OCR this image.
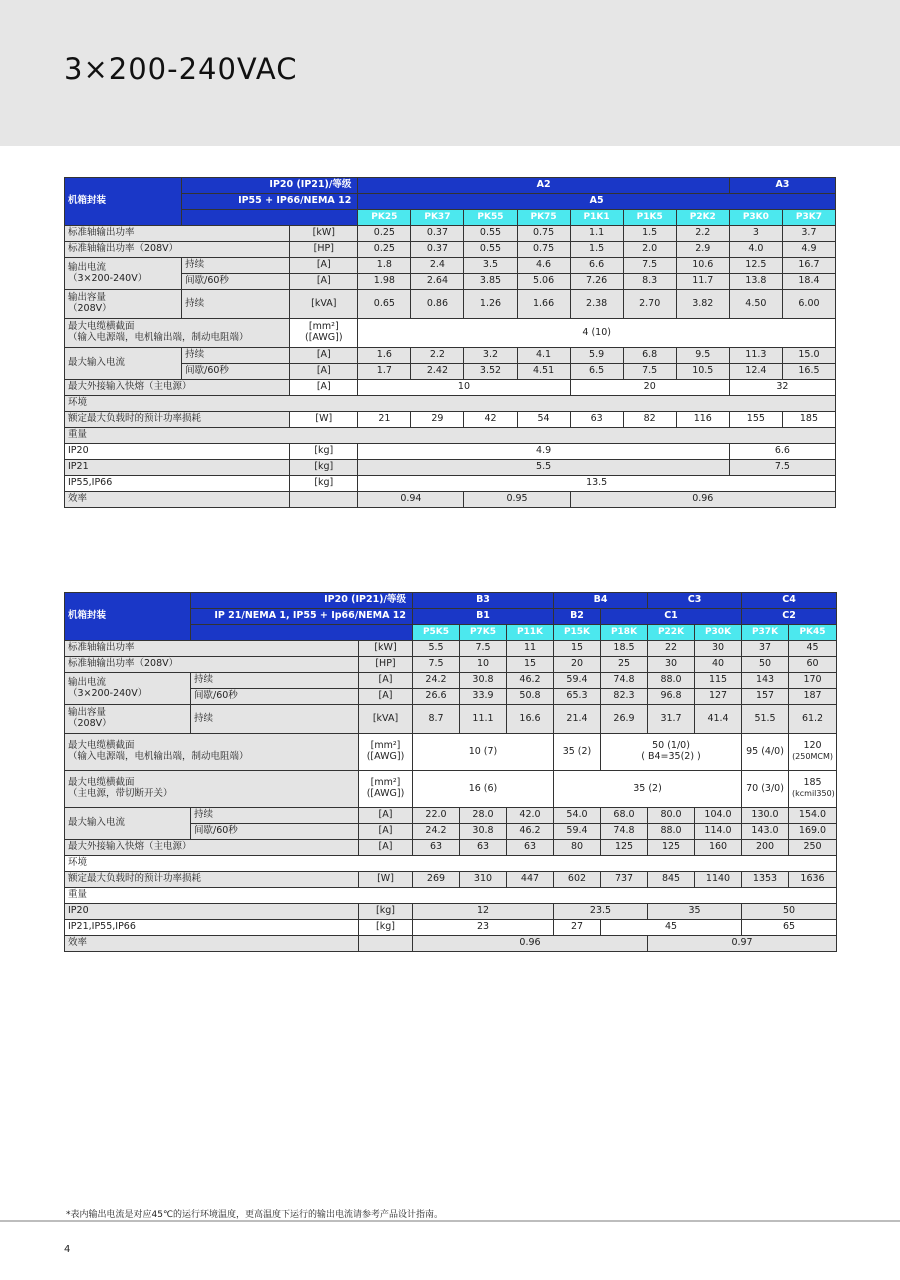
3×200-240VAC
机箱封装	IP20 (IP21)/等级		A2							A3	
	IP55 + IP66/NEMA 12		A5								
			PK25	PK37	PK55	PK75	P1K1	P1K5	P2K2	P3K0	P3K7
标准轴输出功率		[kW]	0.25	0.37	0.55	0.75	1.1	1.5	2.2	3	3.7
标准轴输出功率（208V）		[HP]	0.25	0.37	0.55	0.75	1.5	2.0	2.9	4.0	4.9
输出电流
（3×200-240V）	持续	[A]	1.8	2.4	3.5	4.6	6.6	7.5	10.6	12.5	16.7
	间歇/60秒	[A]	1.98	2.64	3.85	5.06	7.26	8.3	11.7	13.8	18.4
输出容量
（208V）	持续	[kVA]	0.65	0.86	1.26	1.66	2.38	2.70	3.82	4.50	6.00
最大电缆横截面
（输入电源端，电机输出端，制动电阻端）		[mm²]
([AWG])	4 (10)								
最大输入电流	持续	[A]	1.6	2.2	3.2	4.1	5.9	6.8	9.5	11.3	15.0
	间歇/60秒	[A]	1.7	2.42	3.52	4.51	6.5	7.5	10.5	12.4	16.5
最大外接输入快熔（主电源）		[A]	10				20			32	
环境											
额定最大负载时的预计功率损耗		[W]	21	29	42	54	63	82	116	155	185
重量											
IP20		[kg]	4.9							6.6	
IP21		[kg]	5.5							7.5	
IP55,IP66		[kg]	13.5								
效率			0.94		0.95		0.96				
机箱封装	IP20 (IP21)/等级		B3			B4		C3		C4	
	IP 21/NEMA 1, IP55 + Ip66/NEMA 12		B1			B2	C1			C2	
			P5K5	P7K5	P11K	P15K	P18K	P22K	P30K	P37K	PK45
标准轴输出功率		[kW]	5.5	7.5	11	15	18.5	22	30	37	45
标准轴输出功率（208V）		[HP]	7.5	10	15	20	25	30	40	50	60
输出电流
（3×200-240V）	持续	[A]	24.2	30.8	46.2	59.4	74.8	88.0	115	143	170
	间歇/60秒	[A]	26.6	33.9	50.8	65.3	82.3	96.8	127	157	187
输出容量
（208V）	持续	[kVA]	8.7	11.1	16.6	21.4	26.9	31.7	41.4	51.5	61.2
最大电缆横截面
（输入电源端，电机输出端，制动电阻端）		[mm²]
([AWG])	10 (7)			35 (2)	50 (1/0)
( B4=35(2) )			95 (4/0)	120
(250MCM)
最大电缆横截面
（主电源，带切断开关）		[mm²]
([AWG])	16 (6)			35 (2)				70 (3/0)	185
(kcmil350)
最大输入电流	持续	[A]	22.0	28.0	42.0	54.0	68.0	80.0	104.0	130.0	154.0
	间歇/60秒	[A]	24.2	30.8	46.2	59.4	74.8	88.0	114.0	143.0	169.0
最大外接输入快熔（主电源）		[A]	63	63	63	80	125	125	160	200	250
环境											
额定最大负载时的预计功率损耗		[W]	269	310	447	602	737	845	1140	1353	1636
重量											
IP20		[kg]	12			23.5		35		50	
IP21,IP55,IP66		[kg]	23			27	45			65	
效率			0.96					0.97			
*表内输出电流是对应45℃的运行环境温度，更高温度下运行的输出电流请参考产品设计指南。
4
